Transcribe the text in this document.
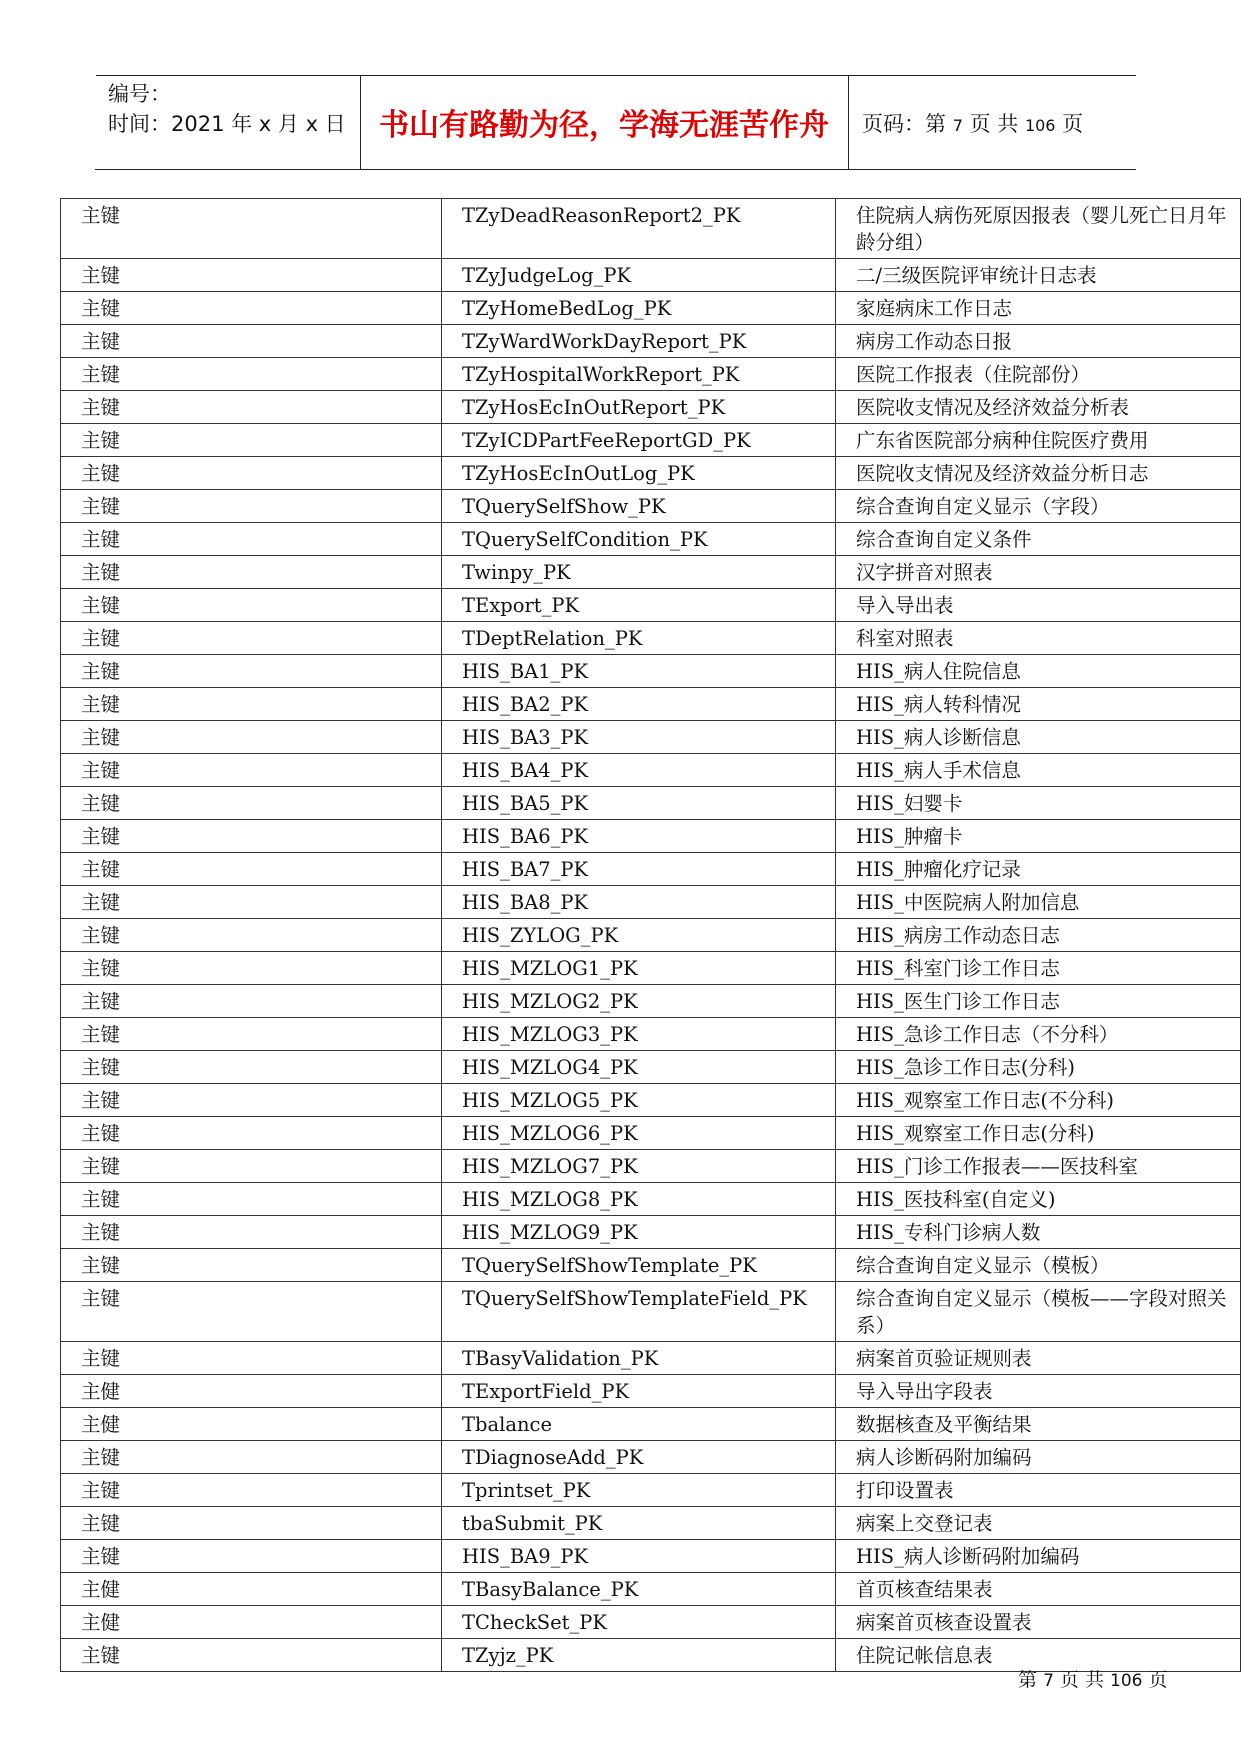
编号：
时间：2021 年 x 月 x 日	书山有路勤为径，学海无涯苦作舟	页码：第 7 页 共 106 页
主键	TZyDeadReasonReport2_PK	住院病人病伤死原因报表（婴儿死亡日月年龄分组）
主键	TZyJudgeLog_PK	二/三级医院评审统计日志表
主键	TZyHomeBedLog_PK	家庭病床工作日志
主键	TZyWardWorkDayReport_PK	病房工作动态日报
主键	TZyHospitalWorkReport_PK	医院工作报表（住院部份）
主键	TZyHosEcInOutReport_PK	医院收支情况及经济效益分析表
主键	TZyICDPartFeeReportGD_PK	广东省医院部分病种住院医疗费用
主键	TZyHosEcInOutLog_PK	医院收支情况及经济效益分析日志
主键	TQuerySelfShow_PK	综合查询自定义显示（字段）
主键	TQuerySelfCondition_PK	综合查询自定义条件
主键	Twinpy_PK	汉字拼音对照表
主键	TExport_PK	导入导出表
主键	TDeptRelation_PK	科室对照表
主键	HIS_BA1_PK	HIS_病人住院信息
主键	HIS_BA2_PK	HIS_病人转科情况
主键	HIS_BA3_PK	HIS_病人诊断信息
主键	HIS_BA4_PK	HIS_病人手术信息
主键	HIS_BA5_PK	HIS_妇婴卡
主键	HIS_BA6_PK	HIS_肿瘤卡
主键	HIS_BA7_PK	HIS_肿瘤化疗记录
主键	HIS_BA8_PK	HIS_中医院病人附加信息
主键	HIS_ZYLOG_PK	HIS_病房工作动态日志
主键	HIS_MZLOG1_PK	HIS_科室门诊工作日志
主键	HIS_MZLOG2_PK	HIS_医生门诊工作日志
主键	HIS_MZLOG3_PK	HIS_急诊工作日志（不分科）
主键	HIS_MZLOG4_PK	HIS_急诊工作日志(分科)
主键	HIS_MZLOG5_PK	HIS_观察室工作日志(不分科)
主键	HIS_MZLOG6_PK	HIS_观察室工作日志(分科)
主键	HIS_MZLOG7_PK	HIS_门诊工作报表——医技科室
主键	HIS_MZLOG8_PK	HIS_医技科室(自定义)
主键	HIS_MZLOG9_PK	HIS_专科门诊病人数
主键	TQuerySelfShowTemplate_PK	综合查询自定义显示（模板）
主键	TQuerySelfShowTemplateField_PK	综合查询自定义显示（模板——字段对照关系）
主键	TBasyValidation_PK	病案首页验证规则表
主健	TExportField_PK	导入导出字段表
主健	Tbalance	数据核查及平衡结果
主键	TDiagnoseAdd_PK	病人诊断码附加编码
主键	Tprintset_PK	打印设置表
主键	tbaSubmit_PK	病案上交登记表
主键	HIS_BA9_PK	HIS_病人诊断码附加编码
主健	TBasyBalance_PK	首页核查结果表
主健	TCheckSet_PK	病案首页核查设置表
主键	TZyjz_PK	住院记帐信息表
第 7 页 共 106 页
